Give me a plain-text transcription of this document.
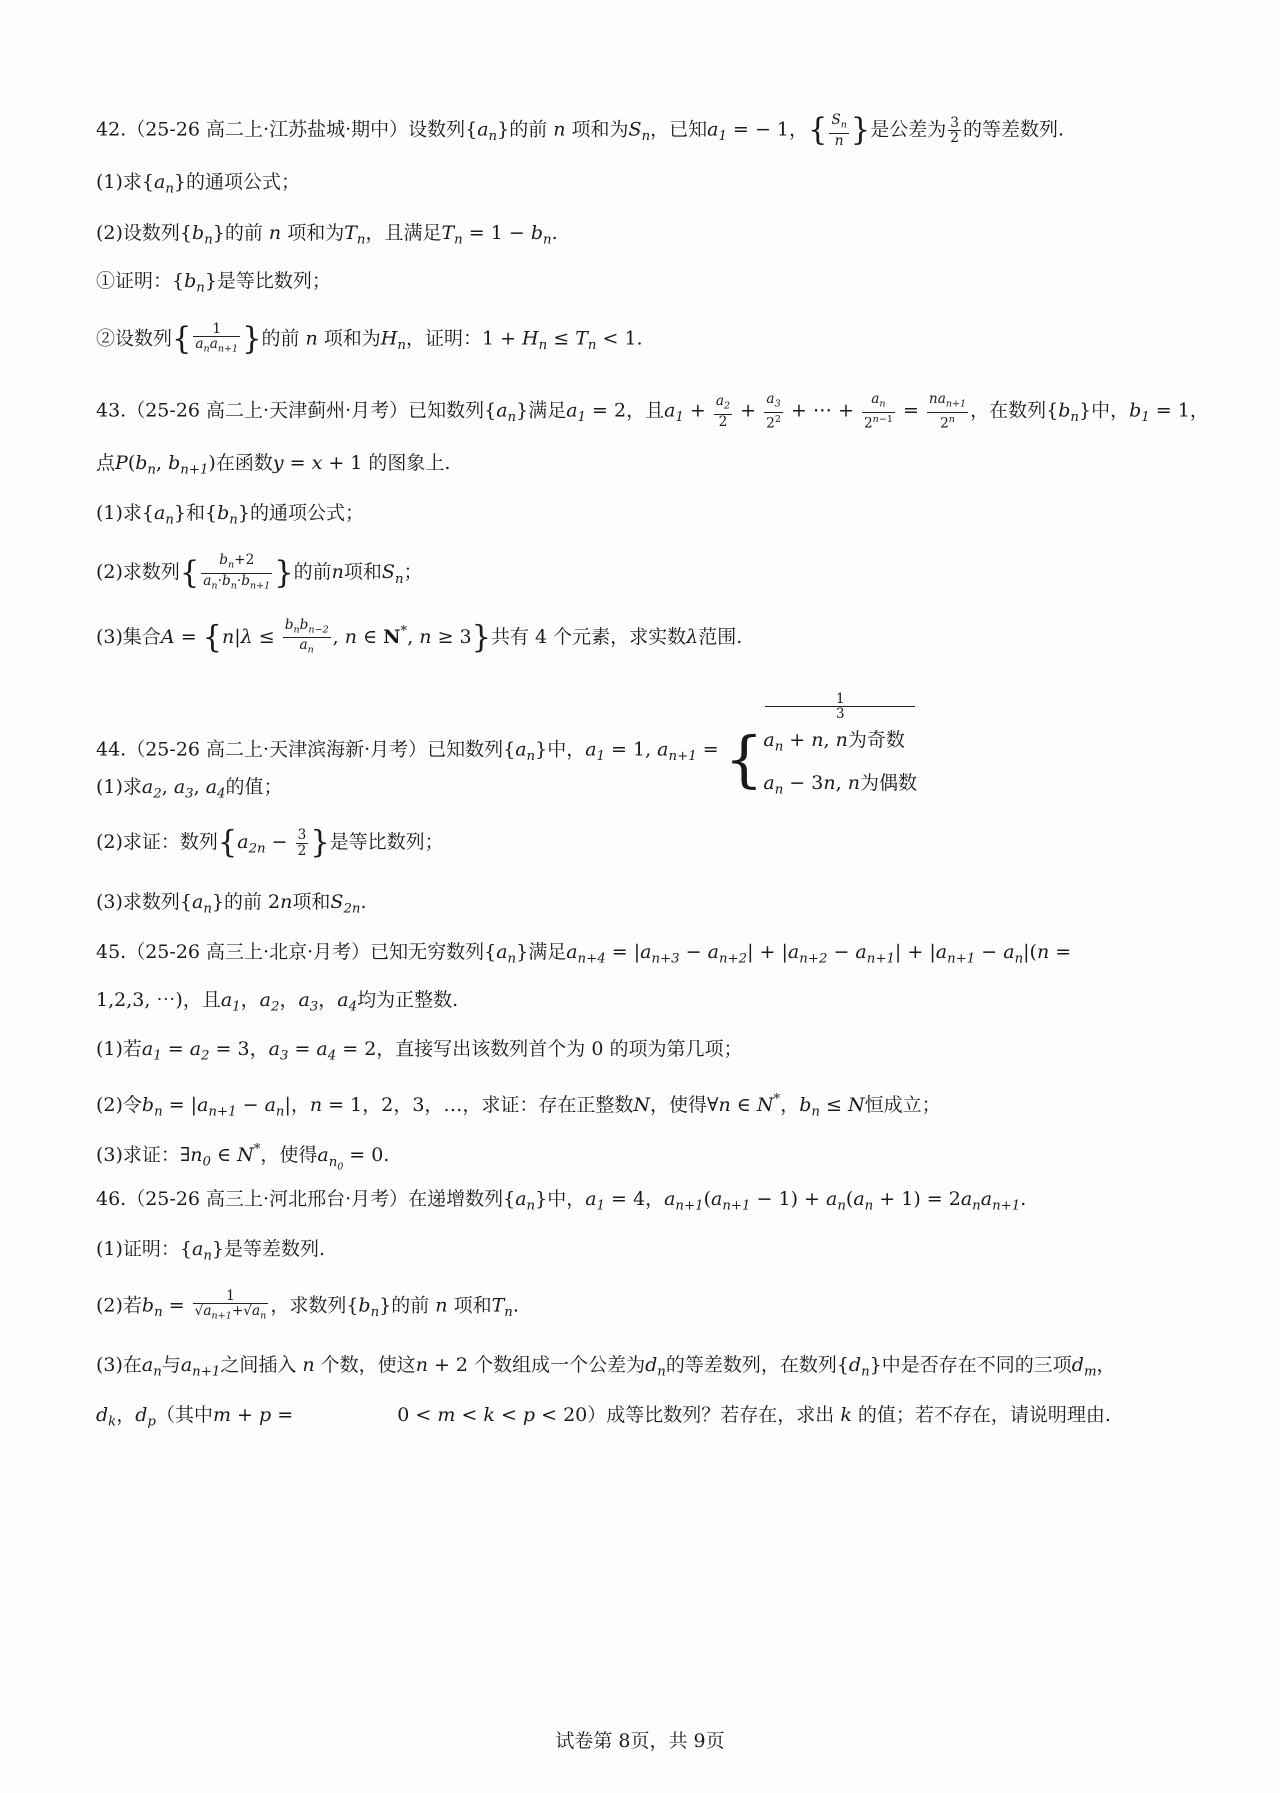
42.（25-26 高二上·江苏盐城·期中）设数列$\{a_n\}$的前 n 项和为$S_n$，已知$a_1$ = − 1，{ $\frac{S_n}{n}$ }是公差为 $\frac{3}{2}$ 的等差数列.
(1)求$\{a_n\}$的通项公式；
(2)设数列$\{b_n\}$的前 n 项和为$T_n$，且满足$T_n = 1 - b_n$.
①证明：$\{b_n\}$是等比数列；
②设数列{ $\frac{1}{a_na_{n+1}}$ }的前 n 项和为$H_n$，证明：$1 + H_n \le T_n < 1$.
43.（25-26 高二上·天津蓟州·月考）已知数列$\{a_n\}$满足$a_1 = 2$，且$a_1 + \frac{a_2}{2} + \frac{a_3}{2^2}$ + ⋯ + $\frac{a_n}{2^{n-1}} = \frac{na_{n+1}}{2^n}$ ，在数列$\{b_n\}$中，$b_1 = 1$，
点$P(b_n$, $b_{n+1}$)在函数y = x + 1 的图象上.
(1)求$\{a_n\}$和$\{b_n\}$的通项公式；
(2)求数列{ $\frac{b_n+2}{a_n\cdot b_n\cdot b_{n+1}}$ }的前n项和$S_n$；
(3)集合$A = \{n|\lambda \le \frac{b_nb_{n-2}}{a_n}$ , n ∈ N*, n ≥ 3}共有 4 个元素，求实数λ范围.
44.（25-26 高二上·天津滨海新·月考）已知数列$\{a_n\}$中，$a_1 = 1$, $a_{n+1}$ = {
1
3
$a_n + n$, n为奇数
$a_n - 3n$, n为偶数
(1)求$a_2$, $a_3$, $a_4$的值；
(2)求证：数列{$a_{2n} - \frac{3}{2}$ }是等比数列；
(3)求数列$\{a_n\}$的前 2n项和$S_{2n}$.
45.（25-26 高三上·北京·月考）已知无穷数列$\{a_n\}$满足$a_{n+4} = |a_{n+3} - a_{n+2}| + |a_{n+2} - a_{n+1}| + |a_{n+1} - a_n|(n$ =
1,2,3, ⋯)，且$a_1$，$a_2$，$a_3$，$a_4$均为正整数.
(1)若$a_1 = a_2 = 3$，$a_3 = a_4 = 2$，直接写出该数列首个为 0 的项为第几项；
(2)令$b_n = |a_{n+1} - a_n|$，n = 1，2，3，…，求证：存在正整数N，使得∀n ∈ N*，$b_n \le N$恒成立；
(3)求证：$\exists n_0$ ∈ N*，使得$a_{n_0} = 0$.
46.（25-26 高三上·河北邢台·月考）在递增数列$\{a_n\}$中，$a_1 = 4$，$a_{n+1}(a_{n+1} - 1) + a_n(a_n + 1) = 2a_na_{n+1}$.
(1)证明：$\{a_n\}$是等差数列.
(2)若$b_n = \frac{1}{√a_{n+1}+√a_n}$ ，求数列$\{b_n\}$的前 n 项和$T_n$.
(3)在$a_n$与$a_{n+1}$之间插入 n 个数，使这n + 2 个数组成一个公差为$d_n$的等差数列，在数列$\{d_n\}$中是否存在不同的三项$d_m$，
$d_k$，$d_p$（其中m + p =	0 < m < k < p < 20）成等比数列？若存在，求出 k 的值；若不存在，请说明理由.
试卷第 8页，共 9页
